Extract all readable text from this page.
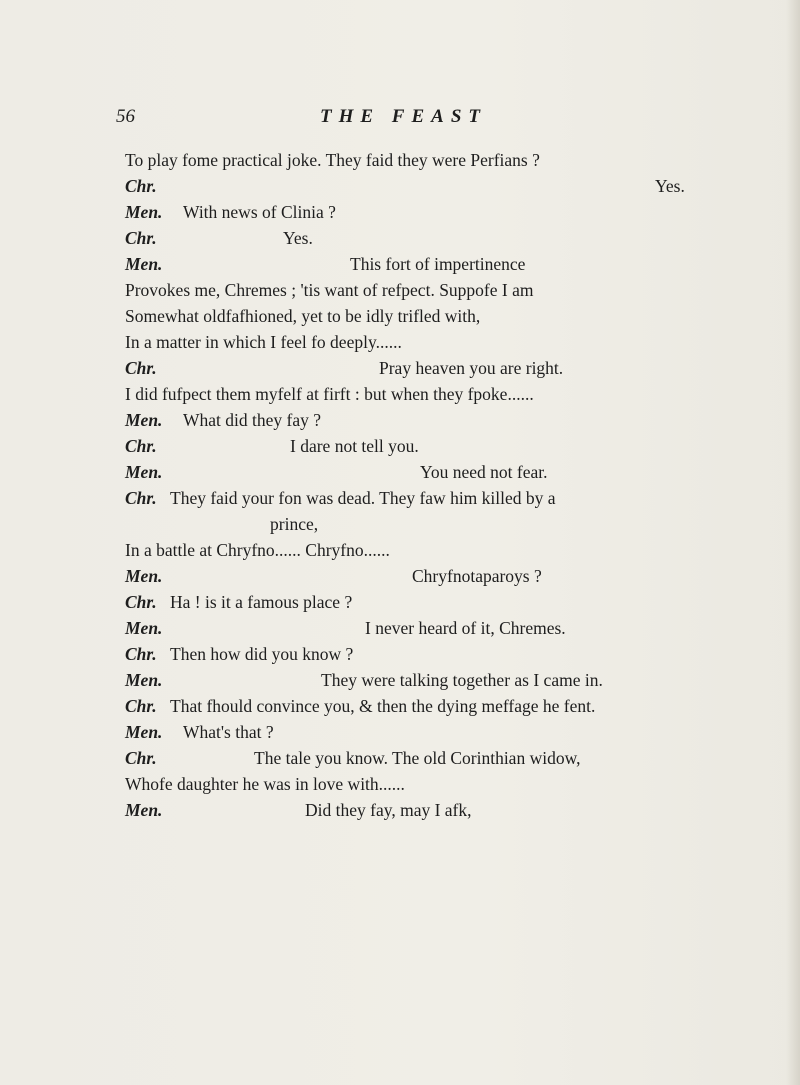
56	THE FEAST
To play fome practical joke. They faid they were Perfians ?
Chr.	Yes.
Men. With news of Clinia ?
Chr.	Yes.
Men.	This fort of impertinence
Provokes me, Chremes ; 'tis want of refpect. Suppofe I am
Somewhat oldfafhioned, yet to be idly trifled with,
In a matter in which I feel fo deeply......
Chr.	Pray heaven you are right.
I did fufpect them myfelf at firft : but when they fpoke......
Men. What did they fay ?
Chr.	I dare not tell you.
Men.	You need not fear.
Chr. They faid your fon was dead. They faw him killed by a
prince,
In a battle at Chryfno...... Chryfno......
Men.	Chryfnotaparoys ?
Chr. Ha ! is it a famous place ?
Men.	I never heard of it, Chremes.
Chr. Then how did you know ?
Men.	They were talking together as I came in.
Chr. That fhould convince you, & then the dying meffage he fent.
Men. What's that ?
Chr.	The tale you know. The old Corinthian widow,
Whofe daughter he was in love with......
Men.	Did they fay, may I afk,
